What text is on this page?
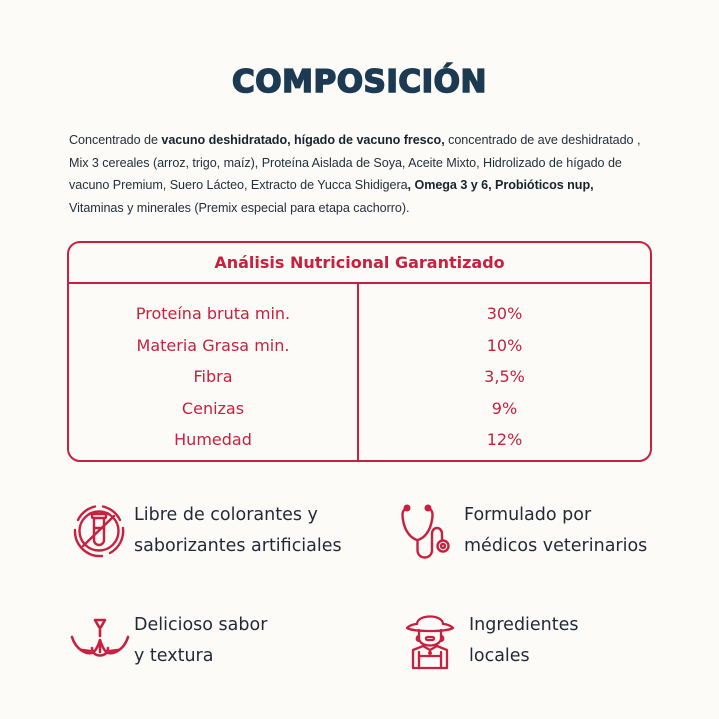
COMPOSICIÓN

Concentrado de vacuno deshidratado, hígado de vacuno fresco, concentrado de ave deshidratado ,
Mix 3 cereales (arroz, trigo, maíz), Proteína Aislada de Soya, Aceite Mixto, Hidrolizado de hígado de
vacuno Premium, Suero Lácteo, Extracto de Yucca Shidigera, Omega 3 y 6, Probióticos nup,
Vitaminas y minerales (Premix especial para etapa cachorro).

Análisis Nutricional Garantizado
Proteína bruta min.
Materia Grasa min.
Fibra
Cenizas
Humedad
30%
10%
3,5%
9%
12%
Libre de colorantes y
saborizantes artificiales
Formulado por
médicos veterinarios
Delicioso sabor
y textura
Ingredientes
locales
